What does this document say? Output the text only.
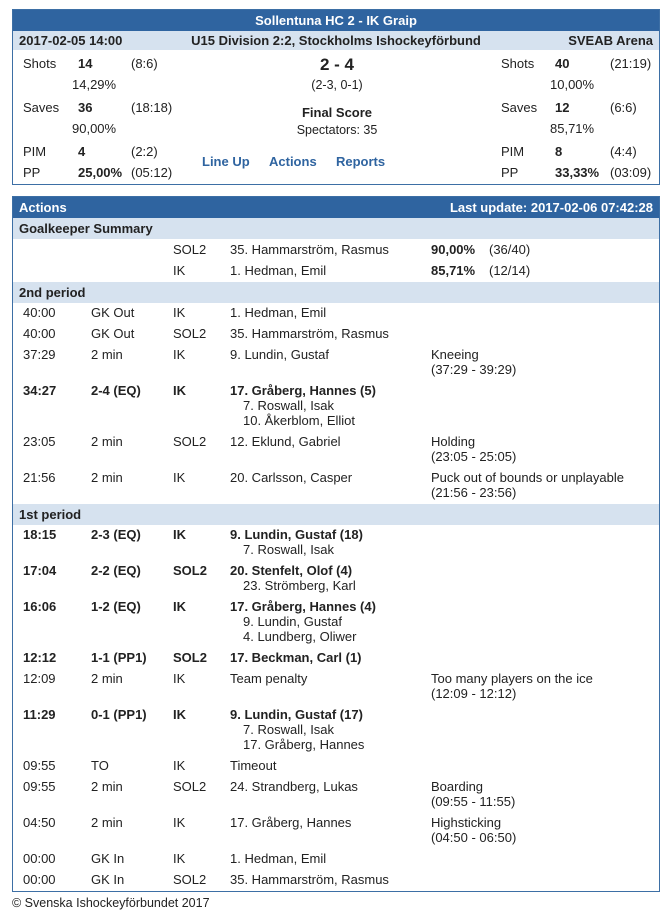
Sollentuna HC 2 - IK Graip
2017-02-05 14:00	U15 Division 2:2, Stockholms Ishockeyförbund	SVEAB Arena
Shots 14	(8:6)
14,29%
Saves 36	(18:18)
90,00%
PIM 4	(2:2)
PP	25,00% (05:12)
2 - 4
(2-3, 0-1)
Final Score
Spectators: 35
Line Up Actions Reports
Shots 40	(21:19)
10,00%
Saves 12	(6:6)
85,71%
PIM 8	(4:4)
PP	33,33% (03:09)
Actions	Last update: 2017-02-06 07:42:28
Goalkeeper Summary
SOL2 35. Hammarström, Rasmus	90,00% (36/40)
IK	1. Hedman, Emil	85,71% (12/14)
2nd period
40:00	GK Out	IK	1. Hedman, Emil
40:00	GK Out	SOL2 35. Hammarström, Rasmus
37:29	2 min	IK	9. Lundin, Gustaf	Kneeing
(37:29 - 39:29)
34:27	2-4 (EQ) IK	17. Gråberg, Hannes (5)
7. Roswall, Isak
10. Åkerblom, Elliot
23:05	2 min	SOL2 12. Eklund, Gabriel	Holding
(23:05 - 25:05)
21:56	2 min	IK	20. Carlsson, Casper	Puck out of bounds or unplayable
(21:56 - 23:56)
1st period
18:15	2-3 (EQ) IK	9. Lundin, Gustaf (18)
7. Roswall, Isak
17:04	2-2 (EQ) SOL2 20. Stenfelt, Olof (4)
23. Strömberg, Karl
16:06	1-2 (EQ) IK	17. Gråberg, Hannes (4)
9. Lundin, Gustaf
4. Lundberg, Oliwer
12:12	1-1 (PP1) SOL2 17. Beckman, Carl (1)
12:09	2 min	IK	Team penalty	Too many players on the ice
(12:09 - 12:12)
11:29	0-1 (PP1) IK	9. Lundin, Gustaf (17)
7. Roswall, Isak
17. Gråberg, Hannes
09:55	TO	IK	Timeout
09:55	2 min	SOL2 24. Strandberg, Lukas	Boarding
(09:55 - 11:55)
04:50	2 min	IK	17. Gråberg, Hannes	Highsticking
(04:50 - 06:50)
00:00	GK In	IK	1. Hedman, Emil
00:00	GK In	SOL2 35. Hammarström, Rasmus
© Svenska Ishockeyförbundet 2017
